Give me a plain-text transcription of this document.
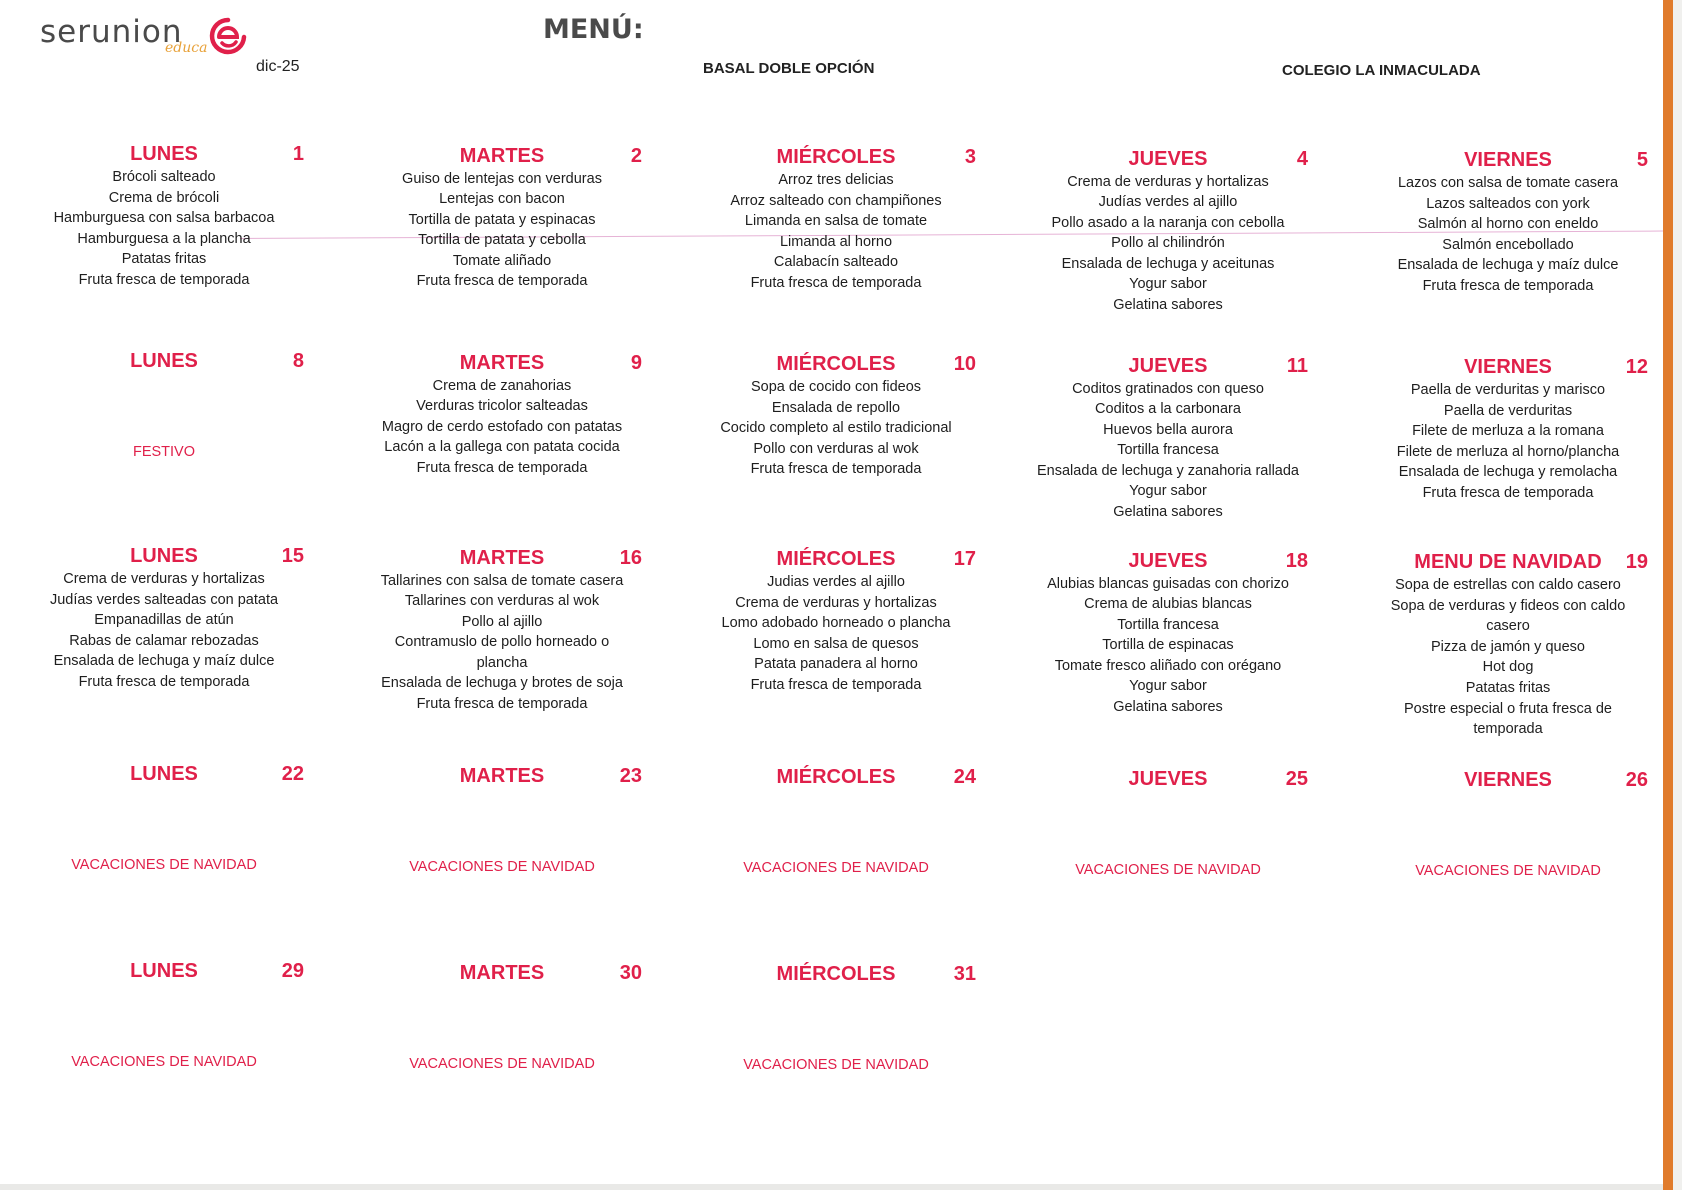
serunion
educa
MENÚ:
dic-25	BASAL DOBLE OPCIÓN	COLEGIO LA INMACULADA
LUNES	1
Brócoli salteado
Crema de brócoli
Hamburguesa con salsa barbacoa
Hamburguesa a la plancha
Patatas fritas
Fruta fresca de temporada
MARTES	2
Guiso de lentejas con verduras
Lentejas con bacon
Tortilla de patata y espinacas
Tortilla de patata y cebolla
Tomate aliñado
Fruta fresca de temporada
MIÉRCOLES	3
Arroz tres delicias
Arroz salteado con champiñones
Limanda en salsa de tomate
Limanda al horno
Calabacín salteado
Fruta fresca de temporada
JUEVES	4
Crema de verduras y hortalizas
Judías verdes al ajillo
Pollo asado a la naranja con cebolla
Pollo al chilindrón
Ensalada de lechuga y aceitunas
Yogur sabor
Gelatina sabores
VIERNES	5
Lazos con salsa de tomate casera
Lazos salteados con york
Salmón al horno con eneldo
Salmón encebollado
Ensalada de lechuga y maíz dulce
Fruta fresca de temporada
LUNES	8
FESTIVO
MARTES	9
Crema de zanahorias
Verduras tricolor salteadas
Magro de cerdo estofado con patatas
Lacón a la gallega con patata cocida
Fruta fresca de temporada
MIÉRCOLES	10
Sopa de cocido con fideos
Ensalada de repollo
Cocido completo al estilo tradicional
Pollo con verduras al wok
Fruta fresca de temporada
JUEVES	11
Coditos gratinados con queso
Coditos a la carbonara
Huevos bella aurora
Tortilla francesa
Ensalada de lechuga y zanahoria rallada
Yogur sabor
Gelatina sabores
VIERNES	12
Paella de verduritas y marisco
Paella de verduritas
Filete de merluza a la romana
Filete de merluza al horno/plancha
Ensalada de lechuga y remolacha
Fruta fresca de temporada
LUNES	15
Crema de verduras y hortalizas
Judías verdes salteadas con patata
Empanadillas de atún
Rabas de calamar rebozadas
Ensalada de lechuga y maíz dulce
Fruta fresca de temporada
MARTES	16
Tallarines con salsa de tomate casera
Tallarines con verduras al wok
Pollo al ajillo
Contramuslo de pollo horneado o
plancha
Ensalada de lechuga y brotes de soja
Fruta fresca de temporada
MIÉRCOLES	17
Judias verdes al ajillo
Crema de verduras y hortalizas
Lomo adobado horneado o plancha
Lomo en salsa de quesos
Patata panadera al horno
Fruta fresca de temporada
JUEVES	18
Alubias blancas guisadas con chorizo
Crema de alubias blancas
Tortilla francesa
Tortilla de espinacas
Tomate fresco aliñado con orégano
Yogur sabor
Gelatina sabores
MENU DE NAVIDAD	19
Sopa de estrellas con caldo casero
Sopa de verduras y fideos con caldo
casero
Pizza de jamón y queso
Hot dog
Patatas fritas
Postre especial o fruta fresca de
temporada
LUNES	22
VACACIONES DE NAVIDAD
MARTES	23
VACACIONES DE NAVIDAD
MIÉRCOLES	24
VACACIONES DE NAVIDAD
JUEVES	25
VACACIONES DE NAVIDAD
VIERNES	26
VACACIONES DE NAVIDAD
LUNES	29
VACACIONES DE NAVIDAD
MARTES	30
VACACIONES DE NAVIDAD
MIÉRCOLES	31
VACACIONES DE NAVIDAD
